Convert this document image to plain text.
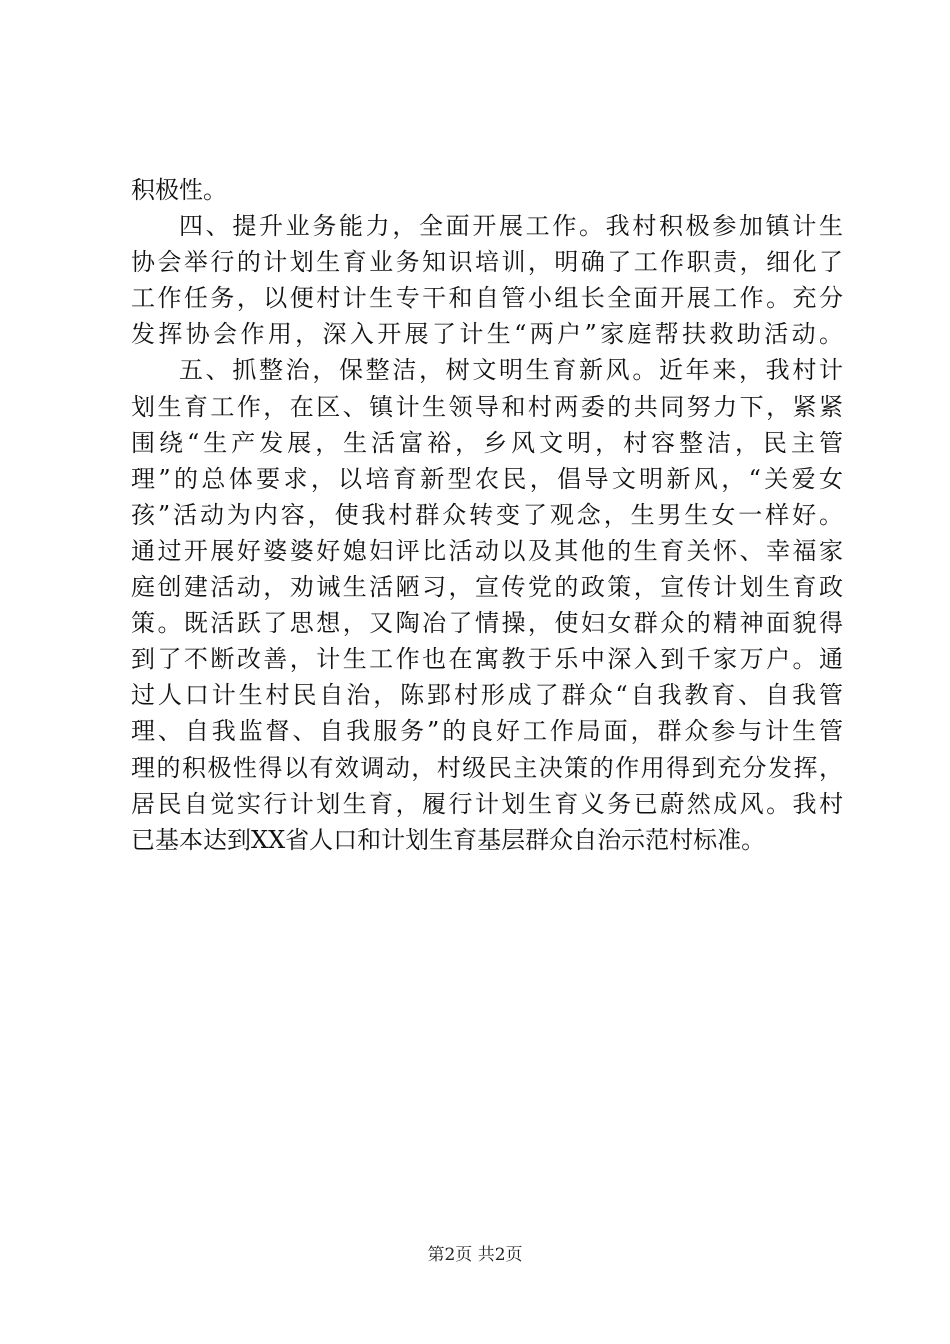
积极性。
四、提升业务能力，全面开展工作。我村积极参加镇计生
协会举行的计划生育业务知识培训，明确了工作职责，细化了
工作任务，以便村计生专干和自管小组长全面开展工作。充分
发挥协会作用，深入开展了计生“两户”家庭帮扶救助活动。
五、抓整治，保整洁，树文明生育新风。近年来，我村计
划生育工作，在区、镇计生领导和村两委的共同努力下，紧紧
围绕“生产发展，生活富裕，乡风文明，村容整洁，民主管
理”的总体要求，以培育新型农民，倡导文明新风，“关爱女
孩”活动为内容，使我村群众转变了观念，生男生女一样好。
通过开展好婆婆好媳妇评比活动以及其他的生育关怀、幸福家
庭创建活动，劝诫生活陋习，宣传党的政策，宣传计划生育政
策。既活跃了思想，又陶冶了情操，使妇女群众的精神面貌得
到了不断改善，计生工作也在寓教于乐中深入到千家万户。通
过人口计生村民自治，陈郢村形成了群众“自我教育、自我管
理、自我监督、自我服务”的良好工作局面，群众参与计生管
理的积极性得以有效调动，村级民主决策的作用得到充分发挥，
居民自觉实行计划生育，履行计划生育义务已蔚然成风。我村
已基本达到XX省人口和计划生育基层群众自治示范村标准。
第2页 共2页
